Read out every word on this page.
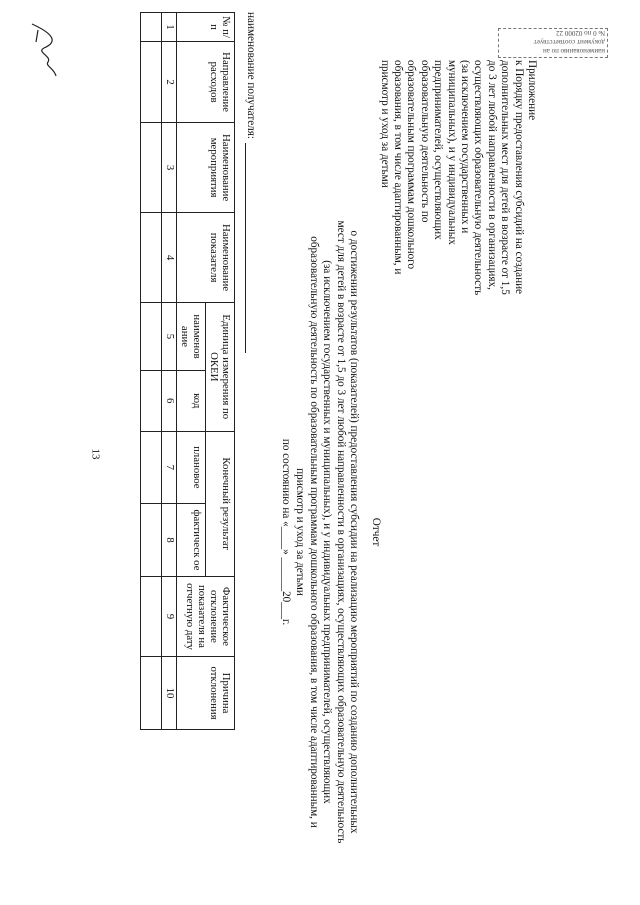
13
наименованию по ан
документ соответствует
№ 0 по 02000 22
Приложение
к Порядку предоставления субсидий на создание
дополнительных мест для детей в возрасте от 1,5
до 3 лет любой направленности в организациях,
осуществляющих образовательную деятельность
(за исключением государственных и
муниципальных), и у индивидуальных
предпринимателей, осуществляющих
образовательную деятельность по
образовательным программам дошкольного
образования, в том числе адаптированным, и
присмотр и уход за детьми
Отчет
о достижении результатов (показателей) предоставления субсидии на реализацию мероприятий по созданию дополнительных
мест для детей в возрасте от 1,5 до 3 лет любой направленности в организациях, осуществляющих образовательную деятельность
(за исключением государственных и муниципальных), и у индивидуальных предпринимателей, осуществляющих
образовательную деятельность по образовательным программам дошкольного образования, в том числе адаптированным, и
присмотр и уход за детьми
по состоянию на «____» ______20___г.
наименование получателя:
№ п/п	Направление расходов	Наименование мероприятия	Наименование показателя	Единица измерения по ОКЕИ		Конечный результат		Фактическое отклонение показателя на отчетную дату	Причина отклонения
				наименов ание	код	плановое	фактическ ое		
1	2	3	4	5	6	7	8	9	10
